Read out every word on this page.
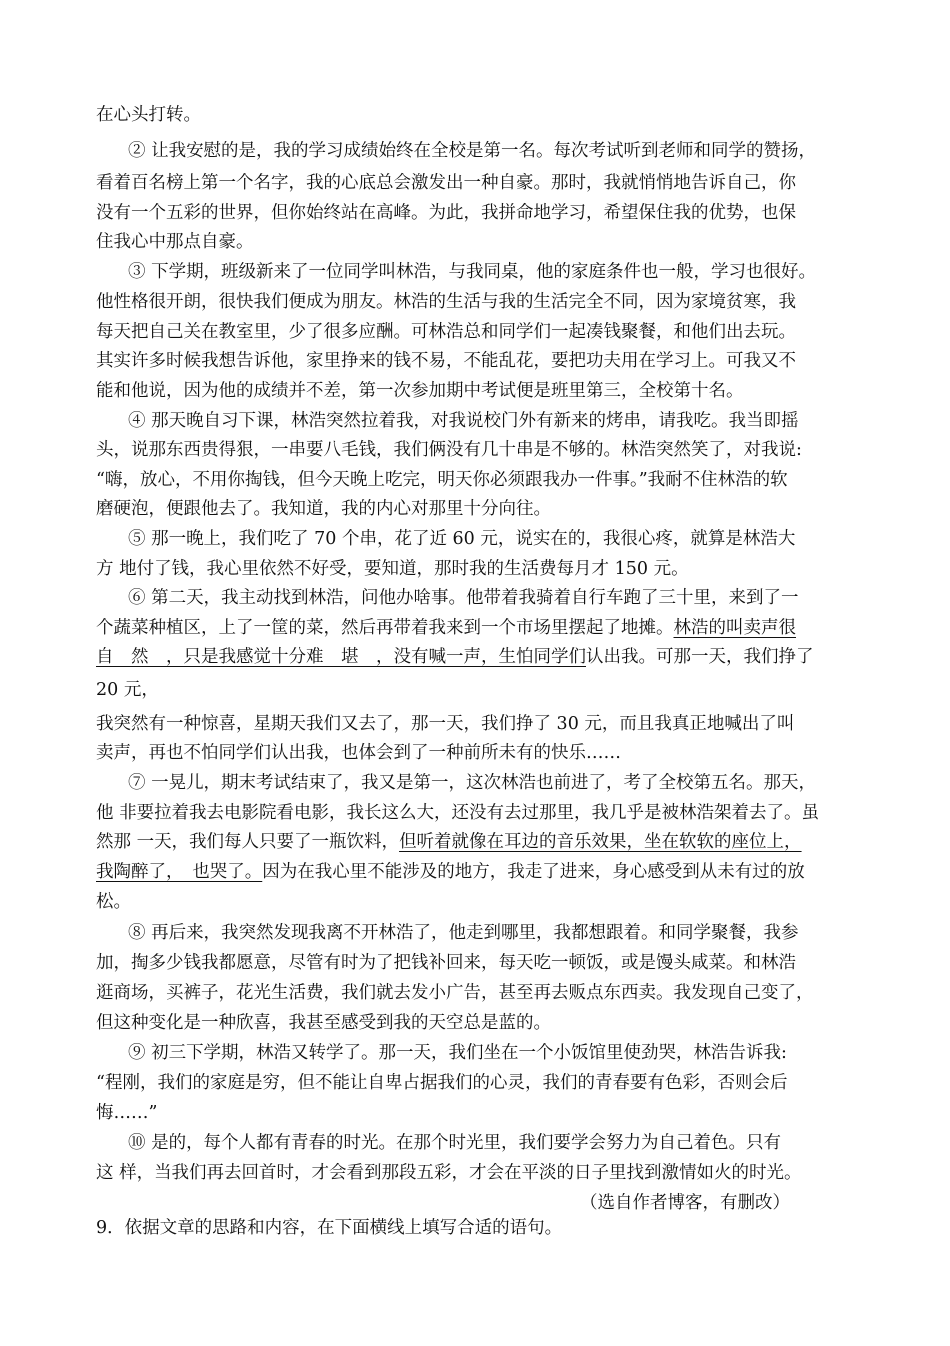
在心头打转。
② 让我安慰的是，我的学习成绩始终在全校是第一名。每次考试听到老师和同学的赞扬，
看着百名榜上第一个名字，我的心底总会激发出一种自豪。那时，我就悄悄地告诉自己，你
没有一个五彩的世界，但你始终站在高峰。为此，我拼命地学习，希望保住我的优势，也保
住我心中那点自豪。
③ 下学期，班级新来了一位同学叫林浩，与我同桌，他的家庭条件也一般，学习也很好。
他性格很开朗，很快我们便成为朋友。林浩的生活与我的生活完全不同，因为家境贫寒，我
每天把自己关在教室里，少了很多应酬。可林浩总和同学们一起凑钱聚餐，和他们出去玩。
其实许多时候我想告诉他，家里挣来的钱不易，不能乱花，要把功夫用在学习上。可我又不
能和他说，因为他的成绩并不差，第一次参加期中考试便是班里第三，全校第十名。
④ 那天晚自习下课，林浩突然拉着我，对我说校门外有新来的烤串，请我吃。我当即摇
头，说那东西贵得狠，一串要八毛钱，我们俩没有几十串是不够的。林浩突然笑了，对我说:
“嗨，放心，不用你掏钱，但今天晚上吃完，明天你必须跟我办一件事。”我耐不住林浩的软
磨硬泡，便跟他去了。我知道，我的内心对那里十分向往。
⑤ 那一晚上，我们吃了 70 个串，花了近 60 元，说实在的，我很心疼，就算是林浩大
方 地付了钱，我心里依然不好受，要知道，那时我的生活费每月才 150 元。
⑥ 第二天，我主动找到林浩，问他办啥事。他带着我骑着自行车跑了三十里，来到了一
个蔬菜种植区，上了一筐的菜，然后再带着我来到一个市场里摆起了地摊。林浩的叫卖声很
自　然　，只是我感觉十分难　堪　，没有喊一声，生怕同学们认出我。可那一天，我们挣了
20 元，
我突然有一种惊喜，星期天我们又去了，那一天，我们挣了 30 元，而且我真正地喊出了叫
卖声，再也不怕同学们认出我，也体会到了一种前所未有的快乐……
⑦ 一晃儿，期末考试结束了，我又是第一，这次林浩也前进了，考了全校第五名。那天，
他 非要拉着我去电影院看电影，我长这么大，还没有去过那里，我几乎是被林浩架着去了。虽
然那 一天，我们每人只要了一瓶饮料，但听着就像在耳边的音乐效果，坐在软软的座位上，
我陶醉了，　也哭了。因为在我心里不能涉及的地方，我走了进来，身心感受到从未有过的放
松。
⑧ 再后来，我突然发现我离不开林浩了，他走到哪里，我都想跟着。和同学聚餐，我参
加，掏多少钱我都愿意，尽管有时为了把钱补回来，每天吃一顿饭，或是馒头咸菜。和林浩
逛商场，买裤子，花光生活费，我们就去发小广告，甚至再去贩点东西卖。我发现自己变了，
但这种变化是一种欣喜，我甚至感受到我的天空总是蓝的。
⑨ 初三下学期，林浩又转学了。那一天，我们坐在一个小饭馆里使劲哭，林浩告诉我:
“程刚，我们的家庭是穷，但不能让自卑占据我们的心灵，我们的青春要有色彩，否则会后
悔……”
⑩ 是的，每个人都有青春的时光。在那个时光里，我们要学会努力为自己着色。只有
这 样，当我们再去回首时，才会看到那段五彩，才会在平淡的日子里找到激情如火的时光。
（选自作者博客，有删改）
9．依据文章的思路和内容，在下面横线上填写合适的语句。
